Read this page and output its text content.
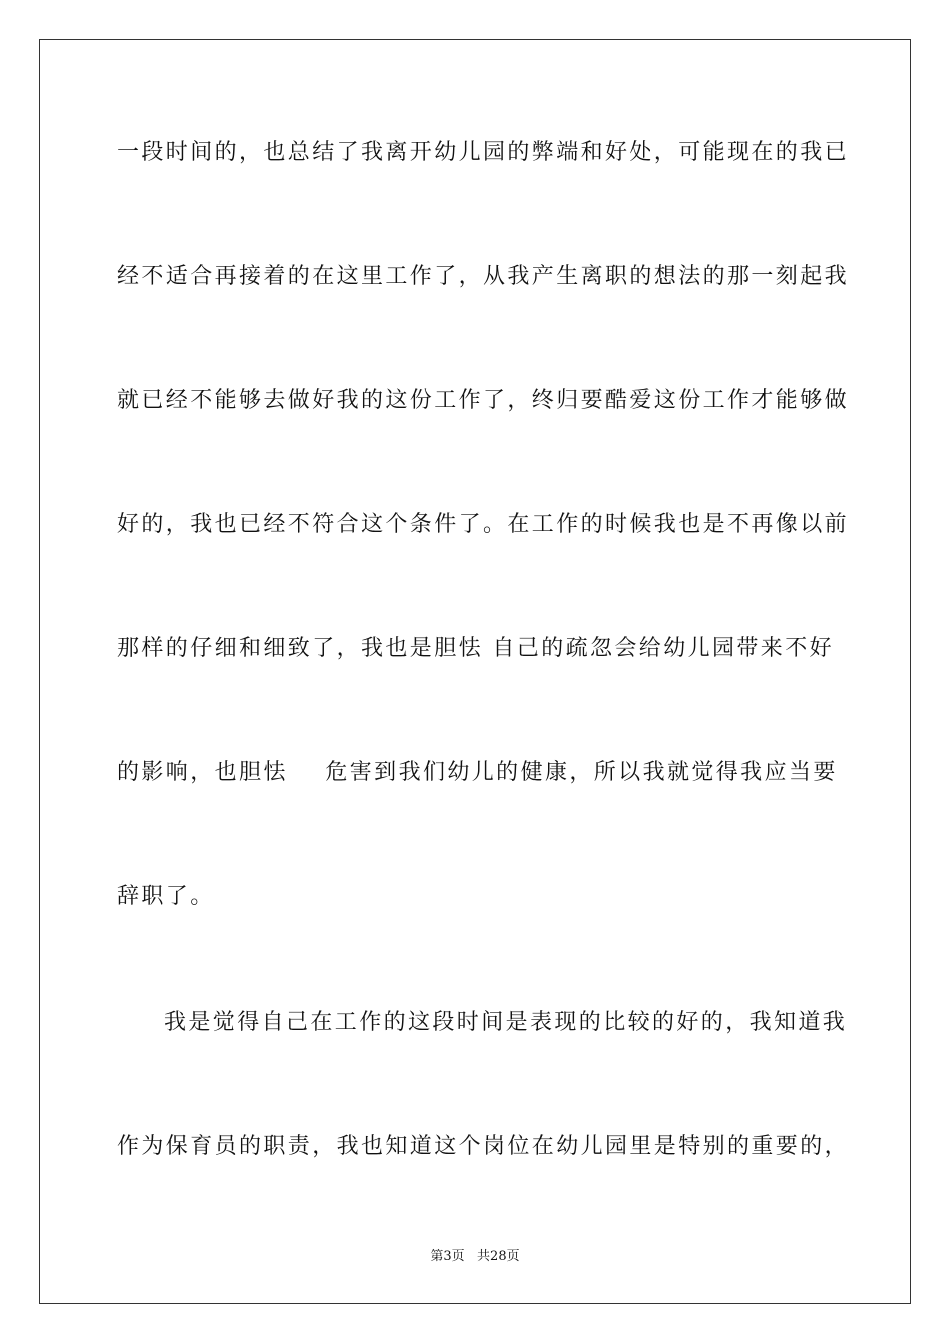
一段时间的，也总结了我离开幼儿园的弊端和好处，可能现在的我已
经不适合再接着的在这里工作了，从我产生离职的想法的那一刻起我
就已经不能够去做好我的这份工作了，终归要酷爱这份工作才能够做
好的，我也已经不符合这个条件了。在工作的时候我也是不再像以前
那样的仔细和细致了，我也是胆怯 自己的疏忽会给幼儿园带来不好
的影响，也胆怯    危害到我们幼儿的健康，所以我就觉得我应当要
辞职了。
我是觉得自己在工作的这段时间是表现的比较的好的，我知道我
作为保育员的职责，我也知道这个岗位在幼儿园里是特别的重要的，
第3页   共28页
